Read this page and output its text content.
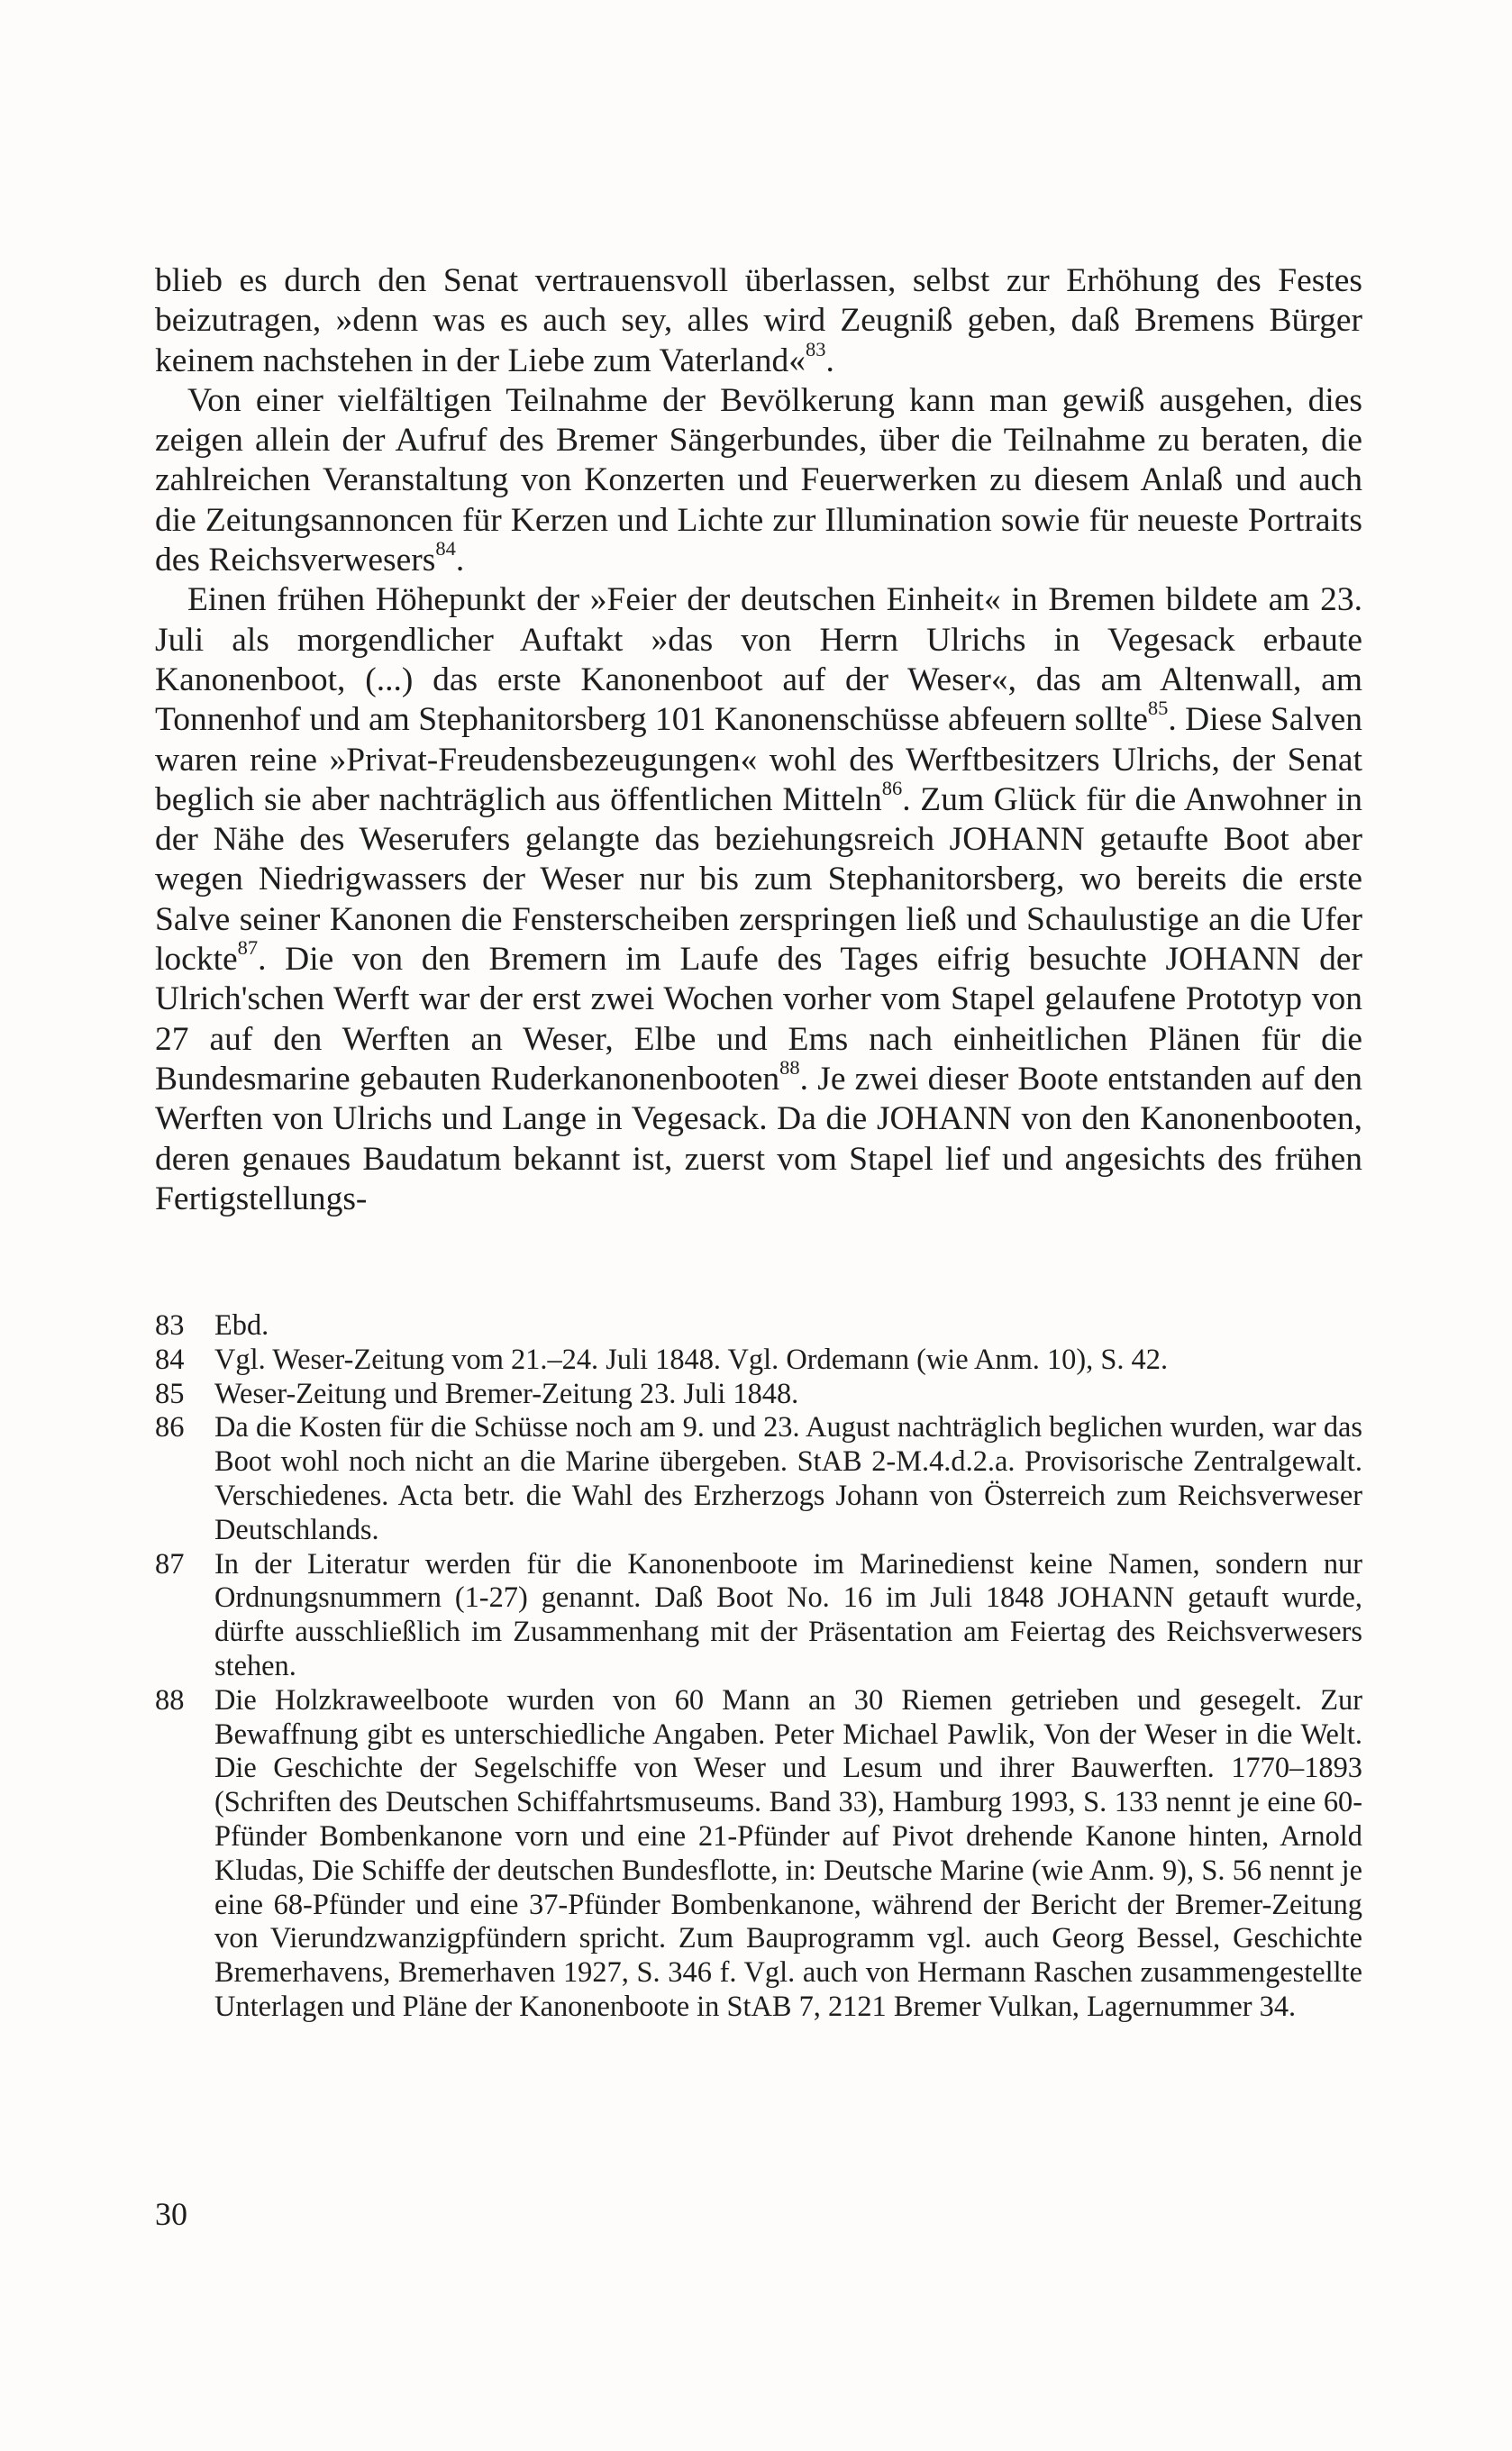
blieb es durch den Senat vertrauensvoll überlassen, selbst zur Erhöhung des Festes beizutragen, »denn was es auch sey, alles wird Zeugniß geben, daß Bremens Bürger keinem nachstehen in der Liebe zum Vaterland«$^{83}$.

Von einer vielfältigen Teilnahme der Bevölkerung kann man gewiß ausgehen, dies zeigen allein der Aufruf des Bremer Sängerbundes, über die Teilnahme zu beraten, die zahlreichen Veranstaltung von Konzerten und Feuerwerken zu diesem Anlaß und auch die Zeitungsannoncen für Kerzen und Lichte zur Illumination sowie für neueste Portraits des Reichsverwesers$^{84}$.

Einen frühen Höhepunkt der »Feier der deutschen Einheit« in Bremen bildete am 23. Juli als morgendlicher Auftakt »das von Herrn Ulrichs in Vegesack erbaute Kanonenboot, (...) das erste Kanonenboot auf der Weser«, das am Altenwall, am Tonnenhof und am Stephanitorsberg 101 Kanonenschüsse abfeuern sollte$^{85}$. Diese Salven waren reine »Privat-Freudensbezeugungen« wohl des Werftbesitzers Ulrichs, der Senat beglich sie aber nachträglich aus öffentlichen Mitteln$^{86}$. Zum Glück für die Anwohner in der Nähe des Weserufers gelangte das beziehungsreich JOHANN getaufte Boot aber wegen Niedrigwassers der Weser nur bis zum Stephanitorsberg, wo bereits die erste Salve seiner Kanonen die Fensterscheiben zerspringen ließ und Schaulustige an die Ufer lockte$^{87}$. Die von den Bremern im Laufe des Tages eifrig besuchte JOHANN der Ulrich'schen Werft war der erst zwei Wochen vorher vom Stapel gelaufene Prototyp von 27 auf den Werften an Weser, Elbe und Ems nach einheitlichen Plänen für die Bundesmarine gebauten Ruderkanonenbooten$^{88}$. Je zwei dieser Boote entstanden auf den Werften von Ulrichs und Lange in Vegesack. Da die JOHANN von den Kanonenbooten, deren genaues Baudatum bekannt ist, zuerst vom Stapel lief und angesichts des frühen Fertigstellungs-

83	Ebd.
84	Vgl. Weser-Zeitung vom 21.–24. Juli 1848. Vgl. Ordemann (wie Anm. 10), S. 42.
85	Weser-Zeitung und Bremer-Zeitung 23. Juli 1848.
86	Da die Kosten für die Schüsse noch am 9. und 23. August nachträglich beglichen wurden, war das Boot wohl noch nicht an die Marine übergeben. StAB 2-M.4.d.2.a. Provisorische Zentralgewalt. Verschiedenes. Acta betr. die Wahl des Erzherzogs Johann von Österreich zum Reichsverweser Deutschlands.
87	In der Literatur werden für die Kanonenboote im Marinedienst keine Namen, sondern nur Ordnungsnummern (1-27) genannt. Daß Boot No. 16 im Juli 1848 JOHANN getauft wurde, dürfte ausschließlich im Zusammenhang mit der Präsentation am Feiertag des Reichsverwesers stehen.
88	Die Holzkraweelboote wurden von 60 Mann an 30 Riemen getrieben und gesegelt. Zur Bewaffnung gibt es unterschiedliche Angaben. Peter Michael Pawlik, Von der Weser in die Welt. Die Geschichte der Segelschiffe von Weser und Lesum und ihrer Bauwerften. 1770–1893 (Schriften des Deutschen Schiffahrtsmuseums. Band 33), Hamburg 1993, S. 133 nennt je eine 60-Pfünder Bombenkanone vorn und eine 21-Pfünder auf Pivot drehende Kanone hinten, Arnold Kludas, Die Schiffe der deutschen Bundesflotte, in: Deutsche Marine (wie Anm. 9), S. 56 nennt je eine 68-Pfünder und eine 37-Pfünder Bombenkanone, während der Bericht der Bremer-Zeitung von Vierundzwanzigpfündern spricht. Zum Bauprogramm vgl. auch Georg Bessel, Geschichte Bremerhavens, Bremerhaven 1927, S. 346 f. Vgl. auch von Hermann Raschen zusammengestellte Unterlagen und Pläne der Kanonenboote in StAB 7, 2121 Bremer Vulkan, Lagernummer 34.
30
